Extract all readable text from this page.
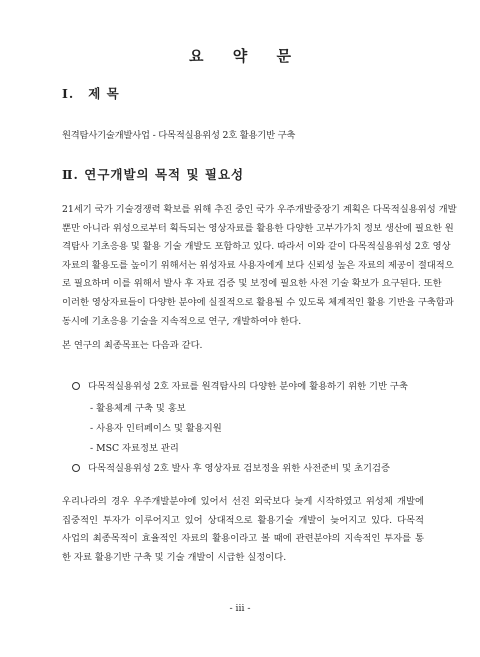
요 약 문
Ⅰ. 제 목
원격탐사기술개발사업 - 다목적실용위성 2호 활용기반 구축
Ⅱ. 연구개발의 목적 및 필요성

21세기 국가 기술경쟁력 확보를 위해 추진 중인 국가 우주개발중장기 계획은 다목적실용위성 개발
뿐만 아니라 위성으로부터 획득되는 영상자료를 활용한 다양한 고부가가치 정보 생산에 필요한 원
격탐사 기초응용 및 활용 기술 개발도 포함하고 있다. 따라서 이와 같이 다목적실용위성 2호 영상
자료의 활용도를 높이기 위해서는 위성자료 사용자에게 보다 신뢰성 높은 자료의 제공이 절대적으
로 필요하며 이를 위해서 발사 후 자료 검증 및 보정에 필요한 사전 기술 확보가 요구된다. 또한
이러한 영상자료들이 다양한 분야에 실질적으로 활용될 수 있도록 체계적인 활용 기반을 구축함과
동시에 기초응용 기술을 지속적으로 연구, 개발하여야 한다.

본 연구의 최종목표는 다음과 같다.
다목적실용위성 2호 자료를 원격탐사의 다양한 분야에 활용하기 위한 기반 구축
- 활용체계 구축 및 홍보
- 사용자 인터페이스 및 활용지원
- MSC 자료정보 관리
다목적실용위성 2호 발사 후 영상자료 검보정을 위한 사전준비 및 초기검증

우리나라의 경우 우주개발분야에 있어서 선진 외국보다 늦게 시작하였고 위성체 개발에
집중적인 투자가 이루어지고 있어 상대적으로 활용기술 개발이 늦어지고 있다. 다목적
사업의 최종목적이 효율적인 자료의 활용이라고 볼 때에 관련분야의 지속적인 투자를 통
한 자료 활용기반 구축 및 기술 개발이 시급한 실정이다.

- iii -
